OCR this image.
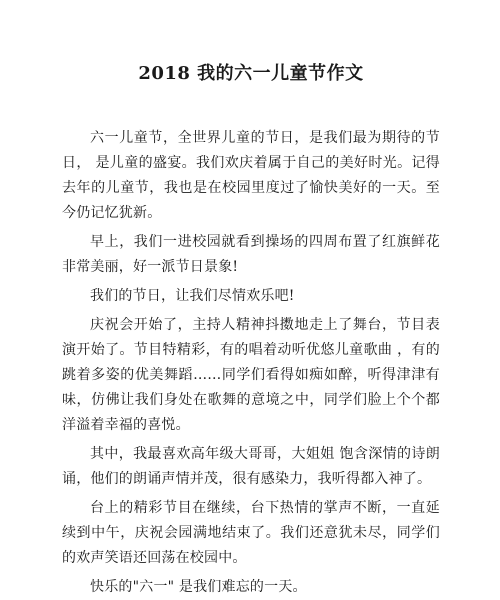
2018 我的六一儿童节作文

六一儿童节，全世界儿童的节日，是我们最为期待的节日， 是儿童的盛宴。我们欢庆着属于自己的美好时光。记得去年的儿童节，我也是在校园里度过了愉快美好的一天。至今仍记忆犹新。

早上，我们一进校园就看到操场的四周布置了红旗鲜花非常美丽，好一派节日景象!

我们的节日，让我们尽情欢乐吧!

庆祝会开始了，主持人精神抖擞地走上了舞台，节目表演开始了。节目特精彩，有的唱着动听优悠儿童歌曲 ，有的跳着多姿的优美舞蹈……同学们看得如痴如醉，听得津津有味，仿佛让我们身处在歌舞的意境之中，同学们脸上个个都洋溢着幸福的喜悦。

其中，我最喜欢高年级大哥哥，大姐姐 饱含深情的诗朗诵，他们的朗诵声情并茂，很有感染力，我听得都入神了。

台上的精彩节目在继续，台下热情的掌声不断，一直延续到中午，庆祝会园满地结束了。我们还意犹未尽，同学们的欢声笑语还回荡在校园中。

快乐的"六一" 是我们难忘的一天。
